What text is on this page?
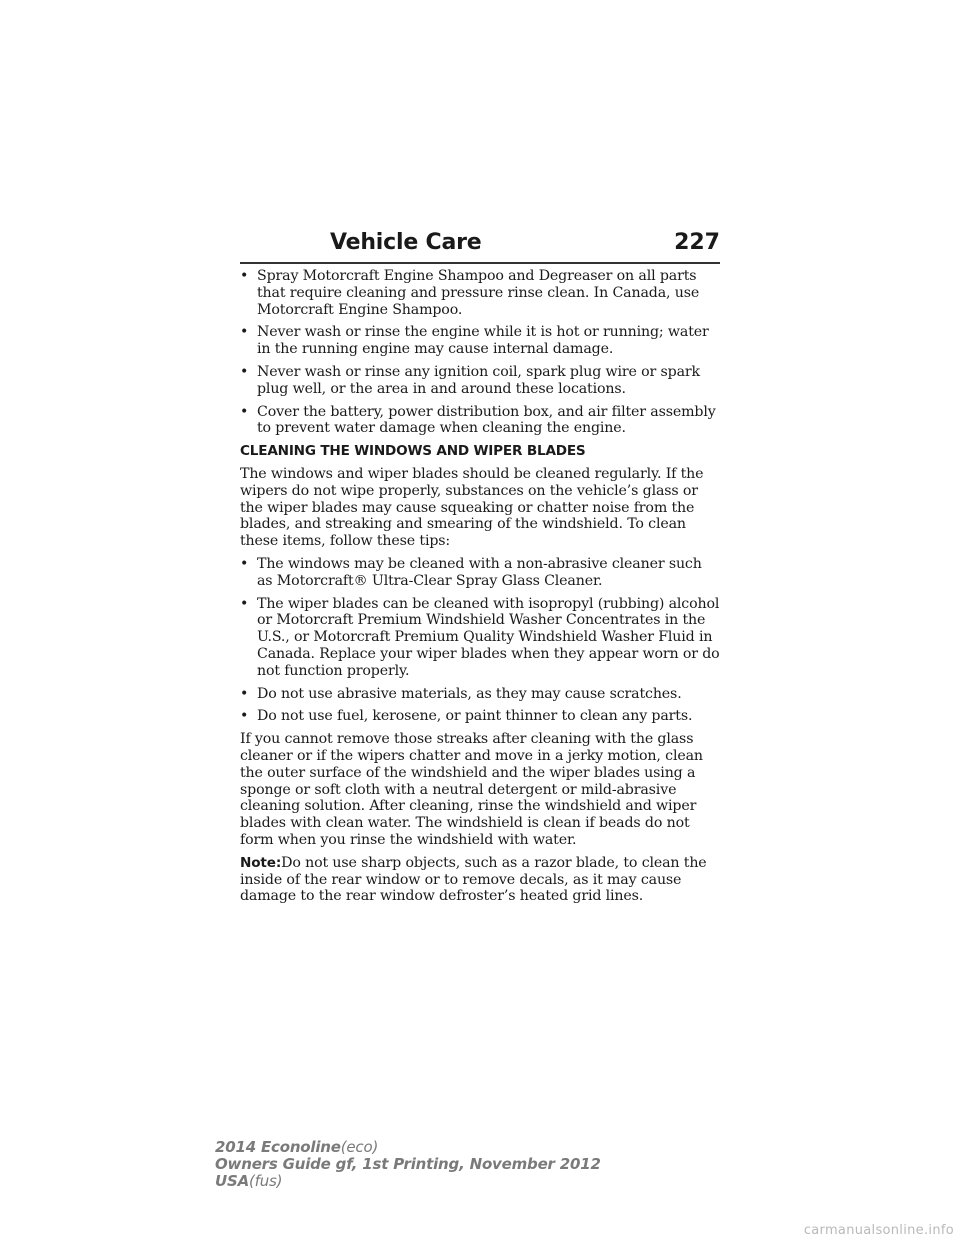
Vehicle Care	227
• Spray Motorcraft Engine Shampoo and Degreaser on all parts that require cleaning and pressure rinse clean. In Canada, use Motorcraft Engine Shampoo.
• Never wash or rinse the engine while it is hot or running; water in the running engine may cause internal damage.
• Never wash or rinse any ignition coil, spark plug wire or spark plug well, or the area in and around these locations.
• Cover the battery, power distribution box, and air filter assembly to prevent water damage when cleaning the engine.
CLEANING THE WINDOWS AND WIPER BLADES
The windows and wiper blades should be cleaned regularly. If the wipers do not wipe properly, substances on the vehicle’s glass or the wiper blades may cause squeaking or chatter noise from the blades, and streaking and smearing of the windshield. To clean these items, follow these tips:
• The windows may be cleaned with a non-abrasive cleaner such as Motorcraft® Ultra-Clear Spray Glass Cleaner.
• The wiper blades can be cleaned with isopropyl (rubbing) alcohol or Motorcraft Premium Windshield Washer Concentrates in the U.S., or Motorcraft Premium Quality Windshield Washer Fluid in Canada. Replace your wiper blades when they appear worn or do not function properly.
• Do not use abrasive materials, as they may cause scratches.
• Do not use fuel, kerosene, or paint thinner to clean any parts.
If you cannot remove those streaks after cleaning with the glass cleaner or if the wipers chatter and move in a jerky motion, clean the outer surface of the windshield and the wiper blades using a sponge or soft cloth with a neutral detergent or mild-abrasive cleaning solution. After cleaning, rinse the windshield and wiper blades with clean water. The windshield is clean if beads do not form when you rinse the windshield with water.
Note:Do not use sharp objects, such as a razor blade, to clean the inside of the rear window or to remove decals, as it may cause damage to the rear window defroster’s heated grid lines.
2014 Econoline(eco)
Owners Guide gf, 1st Printing, November 2012
USA(fus)
carmanualsonline.info
